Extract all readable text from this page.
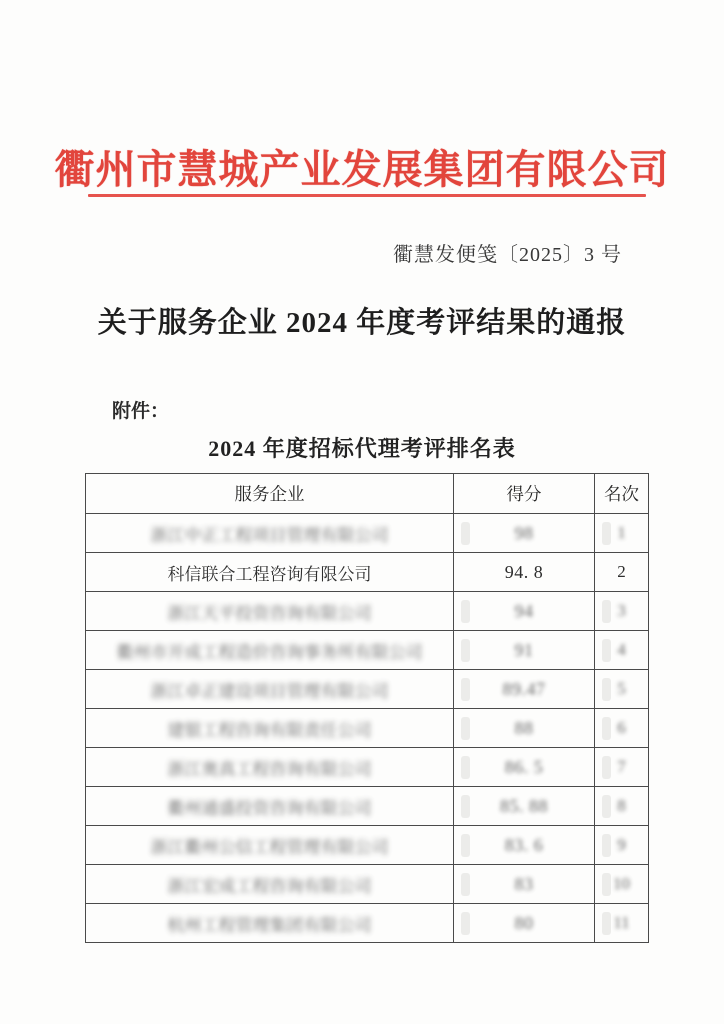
衢州市慧城产业发展集团有限公司
衢慧发便笺〔2025〕3 号
关于服务企业 2024 年度考评结果的通报
附件：
2024 年度招标代理考评排名表
服务企业	得分	名次
浙江中正工程项目管理有限公司	98	1
科信联合工程咨询有限公司	94. 8	2
浙江天平投资咨询有限公司	94	3
衢州市开成工程造价咨询事务所有限公司	91	4
浙江卓正建设项目管理有限公司	89.47	5
建银工程咨询有限责任公司	88	6
浙江奥真工程咨询有限公司	86. 5	7
衢州通盛投资咨询有限公司	85. 88	8
浙江衢州公信工程管理有限公司	83. 6	9
浙江宏成工程咨询有限公司	83	10
杭州工程管理集团有限公司	80	11
